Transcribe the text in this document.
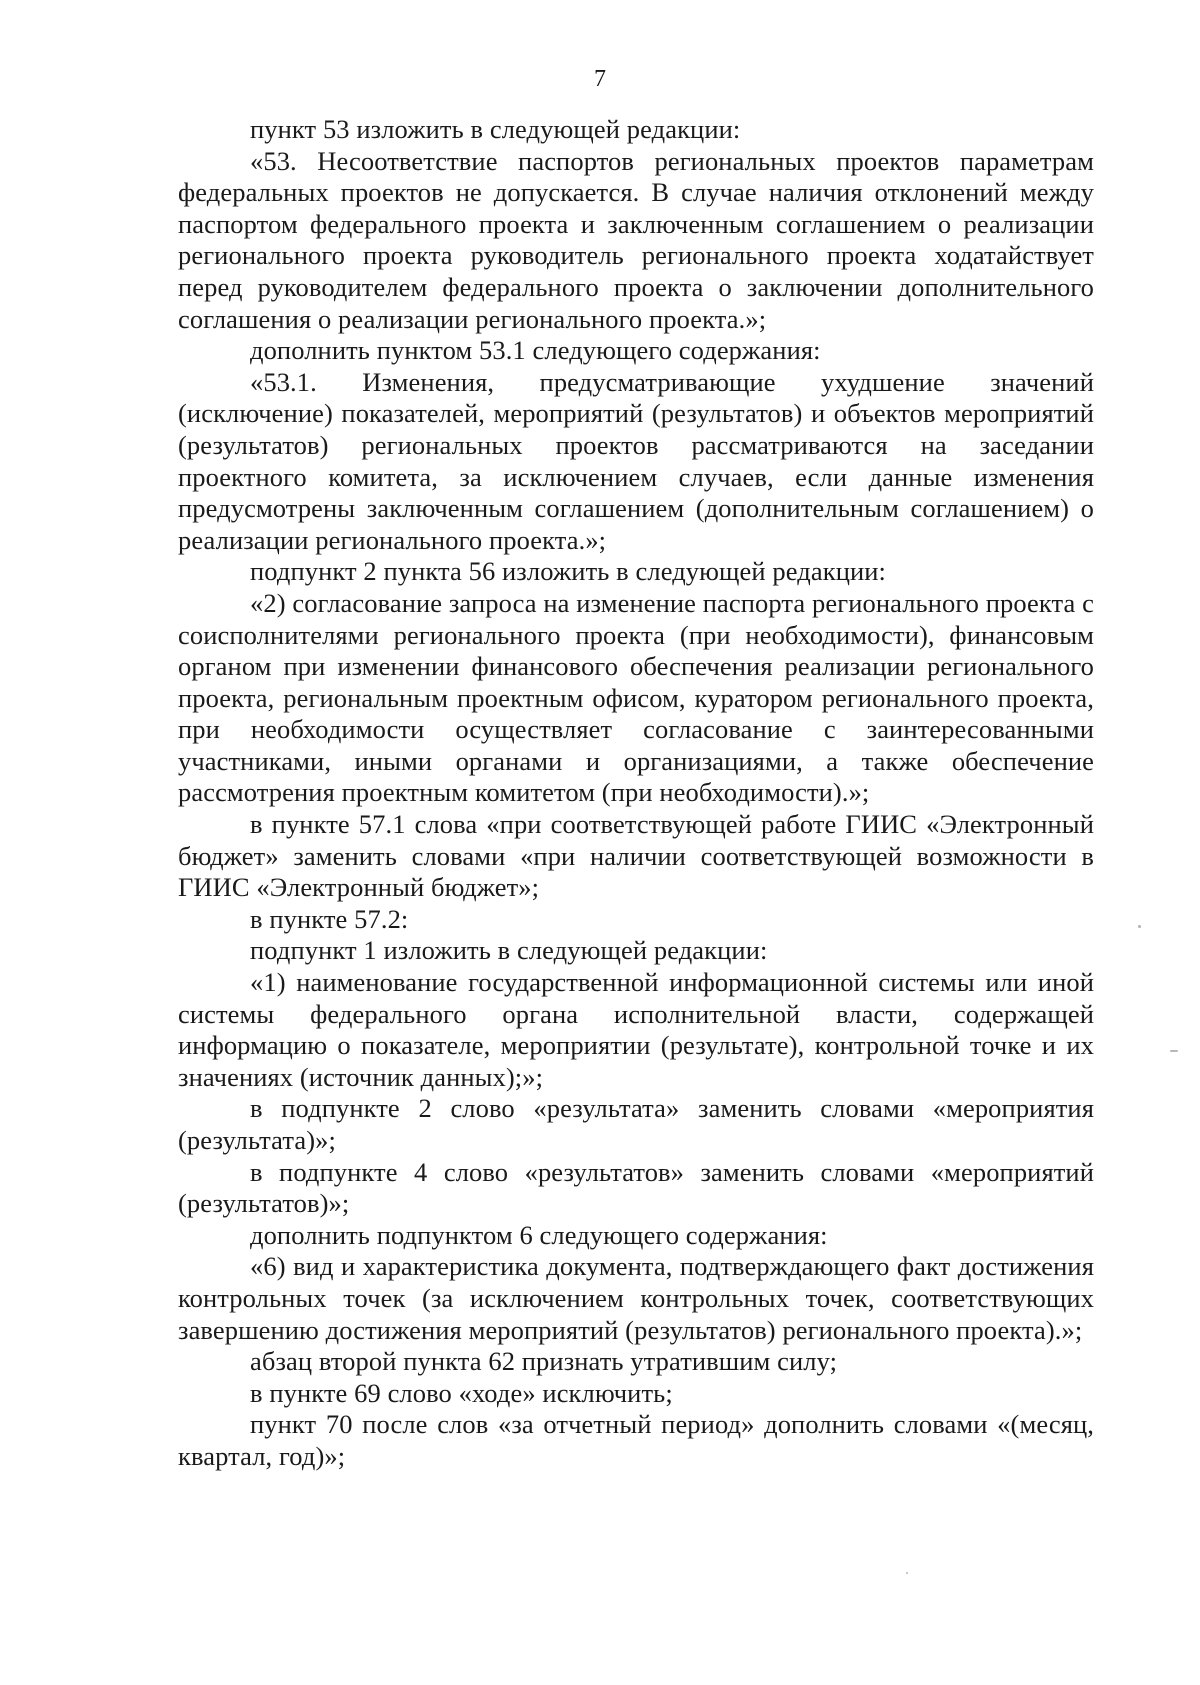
7

пункт 53 изложить в следующей редакции:

«53. Несоответствие паспортов региональных проектов параметрам федеральных проектов не допускается. В случае наличия отклонений между паспортом федерального проекта и заключенным соглашением о реализации регионального проекта руководитель регионального проекта ходатайствует перед руководителем федерального проекта о заключении дополнительного соглашения о реализации регионального проекта.»;

дополнить пунктом 53.1 следующего содержания:

«53.1. Изменения, предусматривающие ухудшение значений (исключение) показателей, мероприятий (результатов) и объектов мероприятий (результатов) региональных проектов рассматриваются на заседании проектного комитета, за исключением случаев, если данные изменения предусмотрены заключенным соглашением (дополнительным соглашением) о реализации регионального проекта.»;

подпункт 2 пункта 56 изложить в следующей редакции:

«2) согласование запроса на изменение паспорта регионального проекта с соисполнителями регионального проекта (при необходимости), финансовым органом при изменении финансового обеспечения реализации регионального проекта, региональным проектным офисом, куратором регионального проекта, при необходимости осуществляет согласование с заинтересованными участниками, иными органами и организациями, а также обеспечение рассмотрения проектным комитетом (при необходимости).»;

в пункте 57.1 слова «при соответствующей работе ГИИС «Электронный бюджет» заменить словами «при наличии соответствующей возможности в ГИИС «Электронный бюджет»;

в пункте 57.2:

подпункт 1 изложить в следующей редакции:

«1) наименование государственной информационной системы или иной системы федерального органа исполнительной власти, содержащей информацию о показателе, мероприятии (результате), контрольной точке и их значениях (источник данных);»;

в подпункте 2 слово «результата» заменить словами «мероприятия (результата)»;

в подпункте 4 слово «результатов» заменить словами «мероприятий (результатов)»;

дополнить подпунктом 6 следующего содержания:

«6) вид и характеристика документа, подтверждающего факт достижения контрольных точек (за исключением контрольных точек, соответствующих завершению достижения мероприятий (результатов) регионального проекта).»;

абзац второй пункта 62 признать утратившим силу;

в пункте 69 слово «ходе» исключить;

пункт 70 после слов «за отчетный период» дополнить словами «(месяц, квартал, год)»;
